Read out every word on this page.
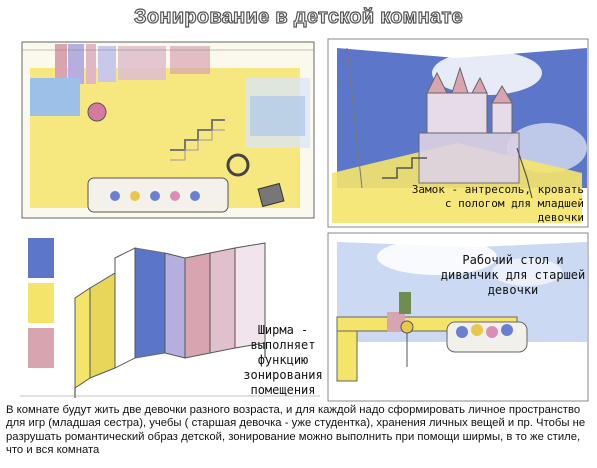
Зонирование в детской комнате
Замок - антресоль, кровать с пологом для младшей девочки
Рабочий стол и диванчик для старшей девочки
Ширма - выполняет функцию зонирования помещения
В комнате будут жить две девочки разного возраста, и для каждой надо сформировать личное пространство для игр (младшая сестра), учебы ( старшая девочка - уже студентка), хранения личных вещей и пр. Чтобы не разрушать романтический образ детской, зонирование можно выполнить при помощи ширмы, в то же стиле, что и вся комната
